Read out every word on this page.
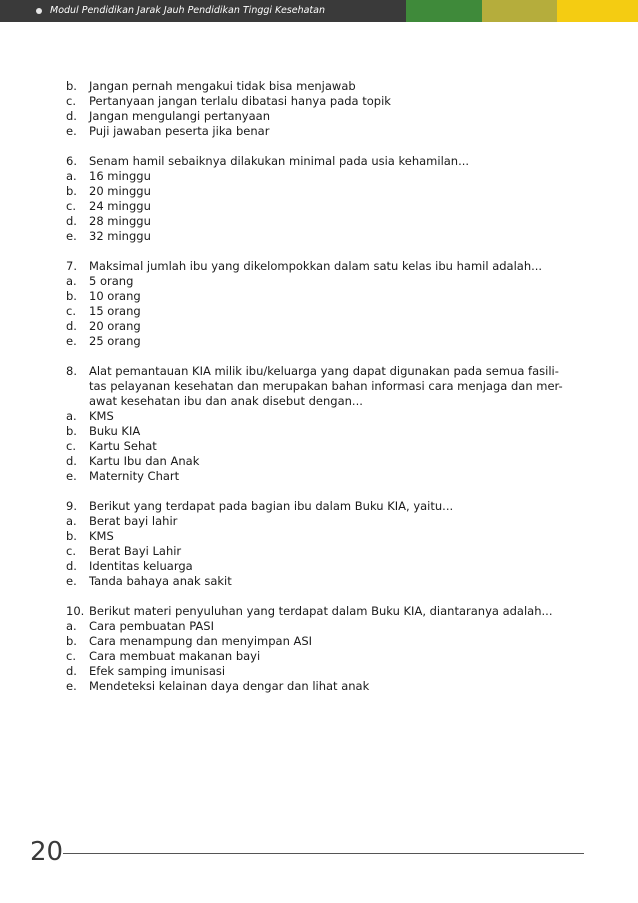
Modul Pendidikan Jarak Jauh Pendidikan Tinggi Kesehatan
b. Jangan pernah mengakui tidak bisa menjawab
c. Pertanyaan jangan terlalu dibatasi hanya pada topik
d. Jangan mengulangi pertanyaan
e. Puji jawaban peserta jika benar
6. Senam hamil sebaiknya dilakukan minimal pada usia kehamilan...
a. 16 minggu
b. 20 minggu
c. 24 minggu
d. 28 minggu
e. 32 minggu
7. Maksimal jumlah ibu yang dikelompokkan dalam satu kelas ibu hamil adalah...
a. 5 orang
b. 10 orang
c. 15 orang
d. 20 orang
e. 25 orang
8. Alat pemantauan KIA milik ibu/keluarga yang dapat digunakan pada semua fasili-
tas pelayanan kesehatan dan merupakan bahan informasi cara menjaga dan mer-
awat kesehatan ibu dan anak disebut dengan...
a. KMS
b. Buku KIA
c. Kartu Sehat
d. Kartu Ibu dan Anak
e. Maternity Chart
9. Berikut yang terdapat pada bagian ibu dalam Buku KIA, yaitu...
a. Berat bayi lahir
b. KMS
c. Berat Bayi Lahir
d. Identitas keluarga
e. Tanda bahaya anak sakit
10. Berikut materi penyuluhan yang terdapat dalam Buku KIA, diantaranya adalah...
a. Cara pembuatan PASI
b. Cara menampung dan menyimpan ASI
c. Cara membuat makanan bayi
d. Efek samping imunisasi
e. Mendeteksi kelainan daya dengar dan lihat anak
20
